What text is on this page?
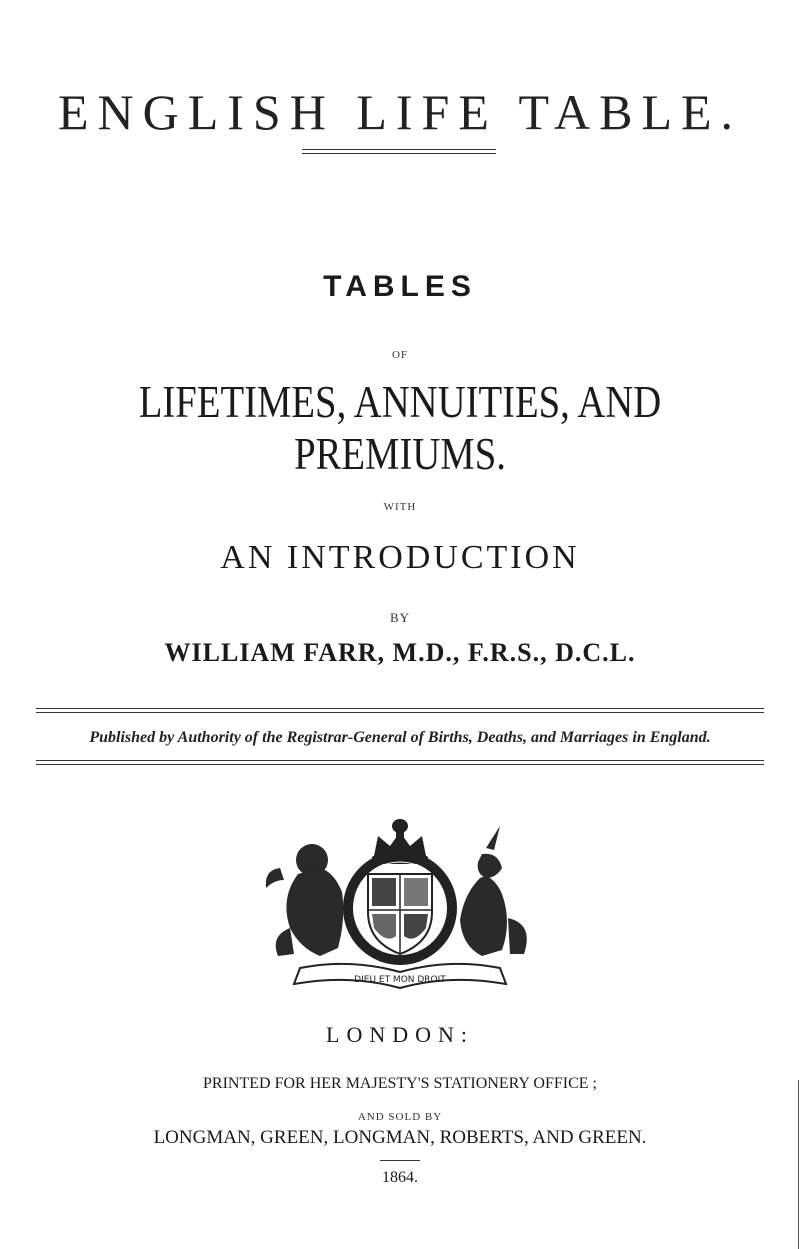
ENGLISH LIFE TABLE.
TABLES
OF
LIFETIMES, ANNUITIES, AND PREMIUMS.
WITH
AN INTRODUCTION
BY
WILLIAM FARR, M.D., F.R.S., D.C.L.
Published by Authority of the Registrar-General of Births, Deaths, and Marriages in England.
DIEU ET MON DROIT
LONDON:
PRINTED FOR HER MAJESTY'S STATIONERY OFFICE ;
AND SOLD BY
LONGMAN, GREEN, LONGMAN, ROBERTS, AND GREEN.
1864.
